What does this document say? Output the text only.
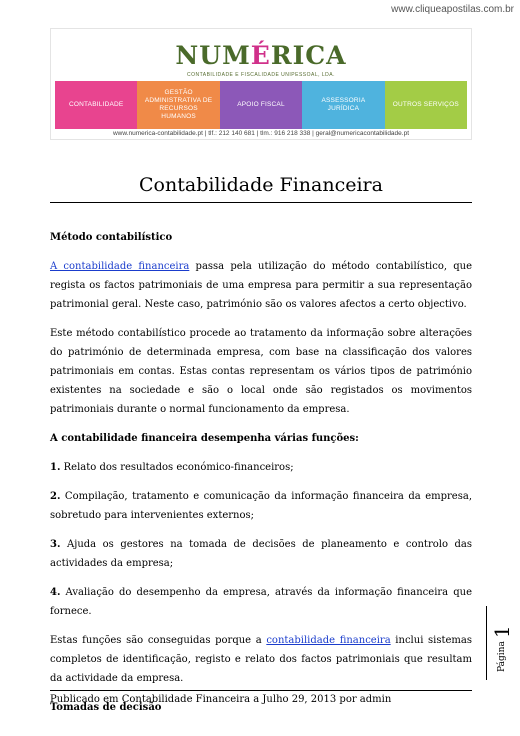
www.cliqueapostilas.com.br
NUMÉRICA
CONTABILIDADE E FISCALIDADE UNIPESSOAL, LDA.
CONTABILIDADE
GESTÃO ADMINISTRATIVA DE RECURSOS HUMANOS
APOIO FISCAL
ASSESSORIA JURÍDICA
OUTROS SERVIÇOS
www.numerica-contabilidade.pt | tlf.: 212 140 681 | tlm.: 916 218 338 | geral@numericacontabilidade.pt
Contabilidade Financeira

Método contabilístico

A contabilidade financeira passa pela utilização do método contabilístico, que regista os factos patrimoniais de uma empresa para permitir a sua representação patrimonial geral. Neste caso, património são os valores afectos a certo objectivo.

Este método contabilístico procede ao tratamento da informação sobre alterações do património de determinada empresa, com base na classificação dos valores patrimoniais em contas. Estas contas representam os vários tipos de património existentes na sociedade e são o local onde são registados os movimentos patrimoniais durante o normal funcionamento da empresa.

A contabilidade financeira desempenha várias funções:

1. Relato dos resultados económico-financeiros;

2. Compilação, tratamento e comunicação da informação financeira da empresa, sobretudo para intervenientes externos;

3. Ajuda os gestores na tomada de decisões de planeamento e controlo das actividades da empresa;

4. Avaliação do desempenho da empresa, através da informação financeira que fornece.

Estas funções são conseguidas porque a contabilidade financeira inclui sistemas completos de identificação, registo e relato dos factos patrimoniais que resultam da actividade da empresa.

Tomadas de decisão

Página1
Publicado em Contabilidade Financeira a Julho 29, 2013 por admin
